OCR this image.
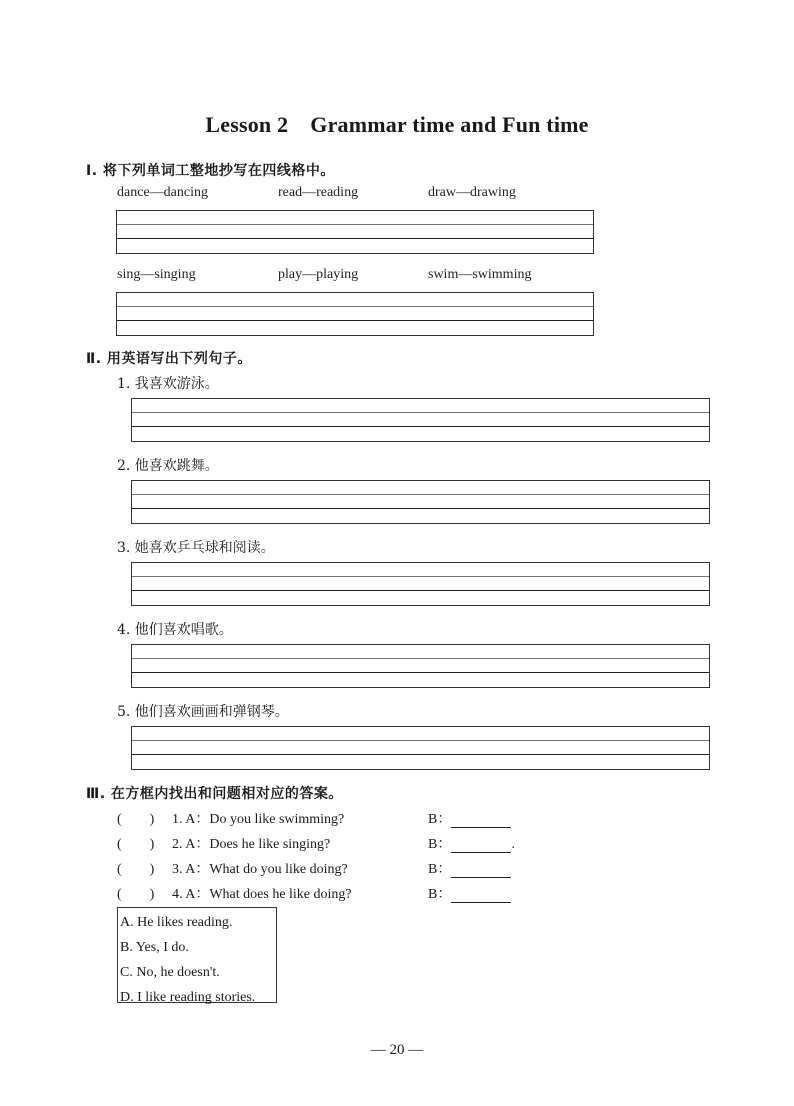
Lesson 2 Grammar time and Fun time
Ⅰ. 将下列单词工整地抄写在四线格中。
dance—dancing	read—reading	draw—drawing
sing—singing	play—playing	swim—swimming
Ⅱ. 用英语写出下列句子。
1. 我喜欢游泳。
2. 他喜欢跳舞。
3. 她喜欢乒乓球和阅读。
4. 他们喜欢唱歌。
5. 他们喜欢画画和弹钢琴。
Ⅲ. 在方框内找出和问题相对应的答案。
(　　) 1. A：Do you like swimming?	B：
(　　) 2. A：Does he like singing?	B：	.
(　　) 3. A：What do you like doing?	B：
(　　) 4. A：What does he like doing?	B：
A. He likes reading.
B. Yes, I do.
C. No, he doesn't.
D. I like reading stories.
— 20 —
